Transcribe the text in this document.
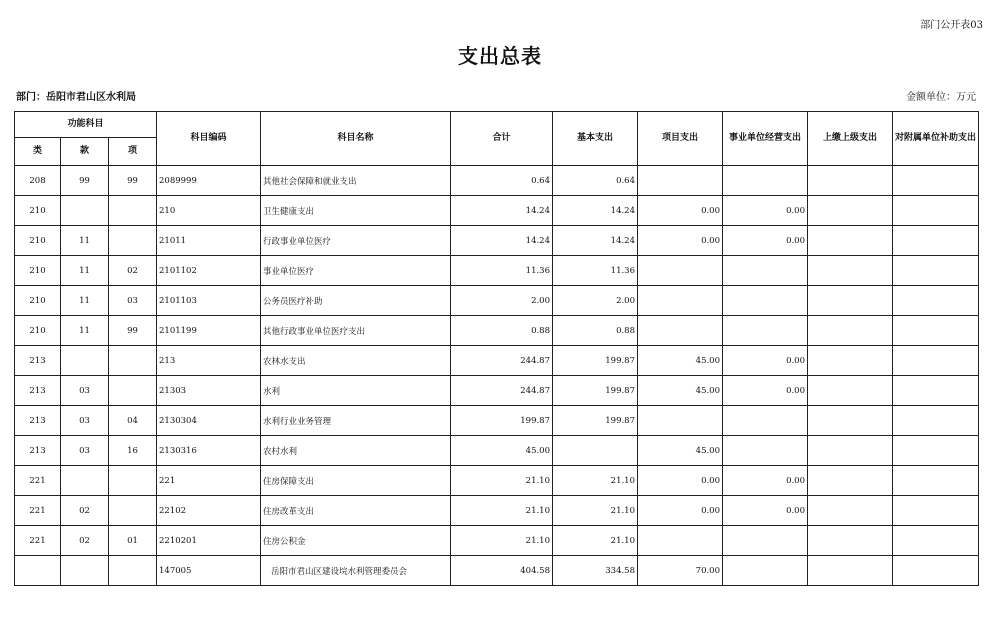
部门公开表03
支出总表
部门：岳阳市君山区水利局	金额单位：万元
功能科目			科目编码	科目名称	合计	基本支出	项目支出	事业单位经营支出	上缴上级支出	对附属单位补助支出
类	款	项								
208	99	99	2089999	其他社会保障和就业支出	0.64	0.64				
210			210	卫生健康支出	14.24	14.24	0.00	0.00		
210	11		21011	行政事业单位医疗	14.24	14.24	0.00	0.00		
210	11	02	2101102	事业单位医疗	11.36	11.36				
210	11	03	2101103	公务员医疗补助	2.00	2.00				
210	11	99	2101199	其他行政事业单位医疗支出	0.88	0.88				
213			213	农林水支出	244.87	199.87	45.00	0.00		
213	03		21303	水利	244.87	199.87	45.00	0.00		
213	03	04	2130304	水利行业业务管理	199.87	199.87				
213	03	16	2130316	农村水利	45.00		45.00			
221			221	住房保障支出	21.10	21.10	0.00	0.00		
221	02		22102	住房改革支出	21.10	21.10	0.00	0.00		
221	02	01	2210201	住房公积金	21.10	21.10				
			147005	岳阳市君山区建设垸水利管理委员会	404.58	334.58	70.00			
